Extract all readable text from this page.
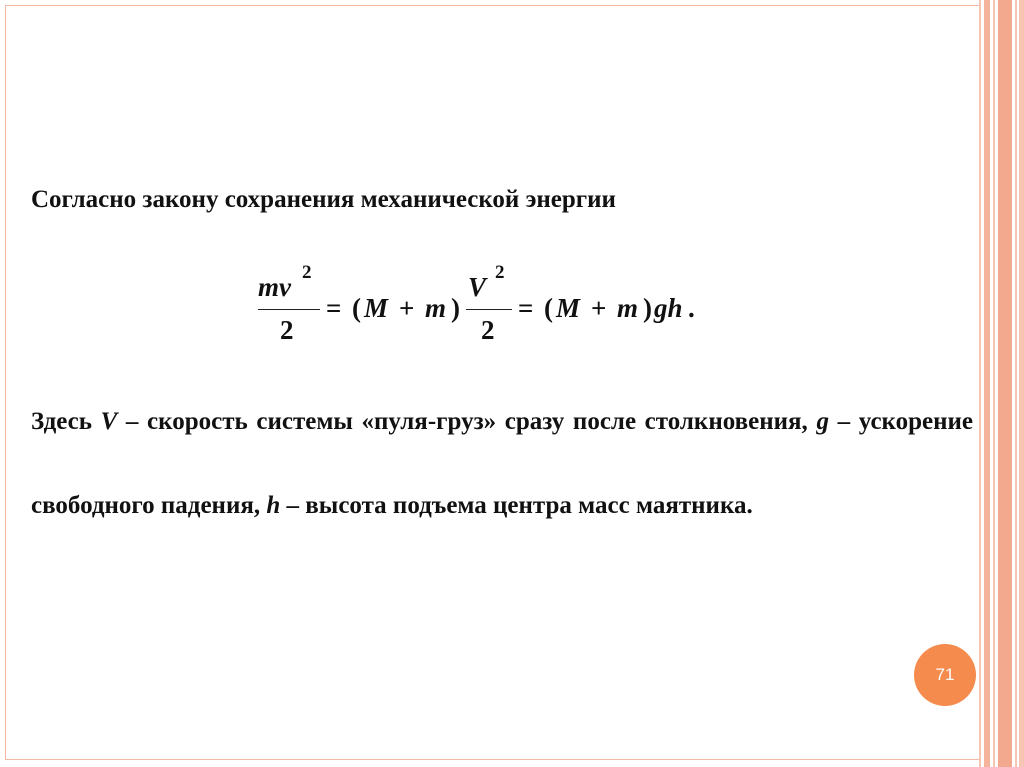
Согласно закону сохранения механической энергии
mv 2
2
= ( M + m )
V 2
2
= ( M + m ) gh .
Здесь V – скорость системы «пуля-груз» сразу после столкновения, g – ускорение свободного падения, h – высота подъема центра масс маятника.
71
